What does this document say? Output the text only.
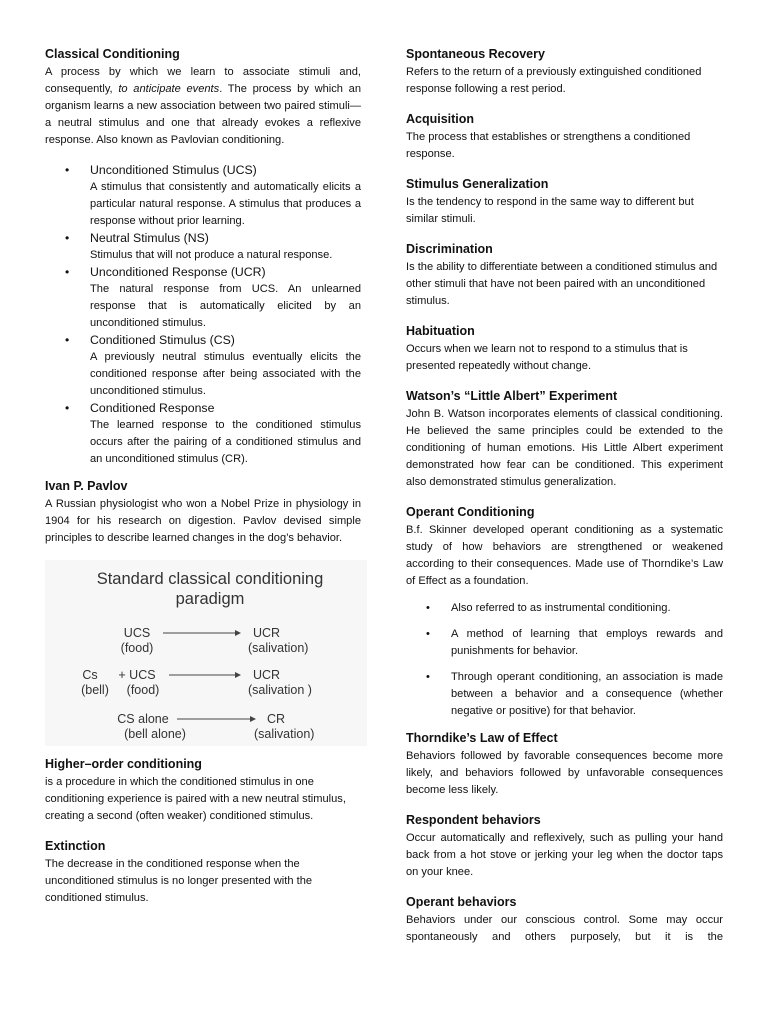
Classical Conditioning

A process by which we learn to associate stimuli and, consequently, to anticipate events. The process by which an organism learns a new association between two paired stimuli—a neutral stimulus and one that already evokes a reflexive response. Also known as Pavlovian conditioning.

• Unconditioned Stimulus (UCS)
A stimulus that consistently and automatically elicits a particular natural response. A stimulus that produces a response without prior learning.
• Neutral Stimulus (NS)
Stimulus that will not produce a natural response.
• Unconditioned Response (UCR)
The natural response from UCS. An unlearned response that is automatically elicited by an unconditioned stimulus.
• Conditioned Stimulus (CS)
A previously neutral stimulus eventually elicits the conditioned response after being associated with the unconditioned stimulus.
• Conditioned Response
The learned response to the conditioned stimulus occurs after the pairing of a conditioned stimulus and an unconditioned stimulus (CR).
Ivan P. Pavlov

A Russian physiologist who won a Nobel Prize in physiology in 1904 for his research on digestion. Pavlov devised simple principles to describe learned changes in the dog’s behavior.

Standard classical conditioning
paradigm
UCS
(food)
UCR
(salivation)
Cs
(bell)
+ UCS
(food)
UCR
(salivation )
CS alone
(bell alone)
CR
(salivation)
Higher–order conditioning

is a procedure in which the conditioned stimulus in one conditioning experience is paired with a new neutral stimulus, creating a second (often weaker) conditioned stimulus.

Extinction

The decrease in the conditioned response when the unconditioned stimulus is no longer presented with the conditioned stimulus.

Spontaneous Recovery

Refers to the return of a previously extinguished conditioned response following a rest period.

Acquisition

The process that establishes or strengthens a conditioned response.

Stimulus Generalization

Is the tendency to respond in the same way to different but similar stimuli.

Discrimination

Is the ability to differentiate between a conditioned stimulus and other stimuli that have not been paired with an unconditioned stimulus.

Habituation

Occurs when we learn not to respond to a stimulus that is presented repeatedly without change.

Watson’s “Little Albert” Experiment

John B. Watson incorporates elements of classical conditioning. He believed the same principles could be extended to the conditioning of human emotions. His Little Albert experiment demonstrated how fear can be conditioned. This experiment also demonstrated stimulus generalization.

Operant Conditioning

B.f. Skinner developed operant conditioning as a systematic study of how behaviors are strengthened or weakened according to their consequences. Made use of Thorndike’s Law of Effect as a foundation.

• Also referred to as instrumental conditioning.
• A method of learning that employs rewards and punishments for behavior.
• Through operant conditioning, an association is made between a behavior and a consequence (whether negative or positive) for that behavior.
Thorndike’s Law of Effect

Behaviors followed by favorable consequences become more likely, and behaviors followed by unfavorable consequences become less likely.

Respondent behaviors

Occur automatically and reflexively, such as pulling your hand back from a hot stove or jerking your leg when the doctor taps on your knee.

Operant behaviors

Behaviors under our conscious control. Some may occur spontaneously and others purposely, but it is the
